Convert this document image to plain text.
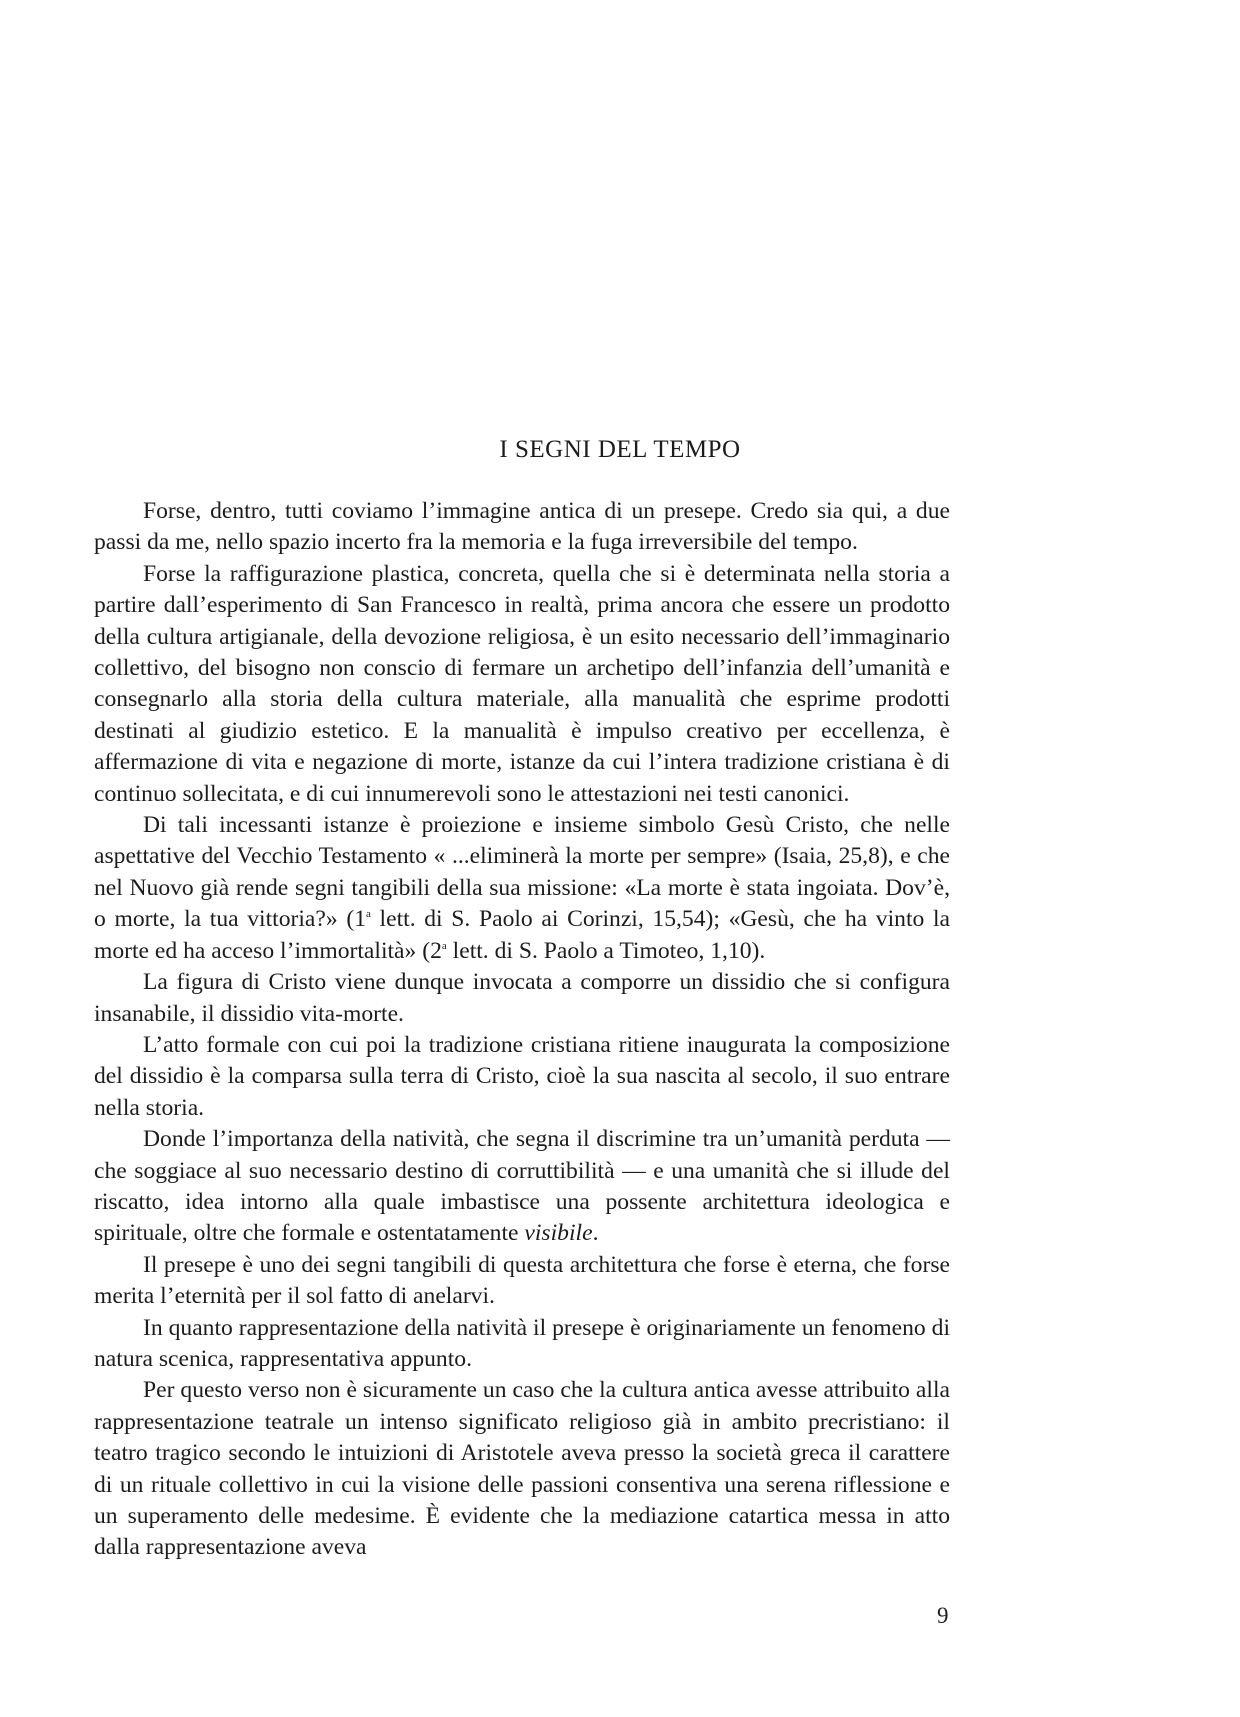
I SEGNI DEL TEMPO

Forse, dentro, tutti coviamo l’immagine antica di un presepe. Credo sia qui, a due passi da me, nello spazio incerto fra la memoria e la fuga irreversibile del tempo.

Forse la raffigurazione plastica, concreta, quella che si è determinata nella storia a partire dall’esperimento di San Francesco in realtà, prima ancora che essere un prodotto della cultura artigianale, della devozione religiosa, è un esito necessario dell’immaginario collettivo, del bisogno non conscio di fermare un archetipo dell’infanzia dell’umanità e consegnarlo alla storia della cultura materiale, alla manualità che esprime prodotti destinati al giudizio estetico. E la manualità è impulso creativo per eccellenza, è affermazione di vita e negazione di morte, istanze da cui l’intera tradizione cristiana è di continuo sollecitata, e di cui innumerevoli sono le attestazioni nei testi canonici.

Di tali incessanti istanze è proiezione e insieme simbolo Gesù Cristo, che nelle aspettative del Vecchio Testamento « ...eliminerà la morte per sempre» (Isaia, 25,8), e che nel Nuovo già rende segni tangibili della sua missione: «La morte è stata ingoiata. Dov’è, o morte, la tua vittoria?» (1$^a$ lett. di S. Paolo ai Corinzi, 15,54); «Gesù, che ha vinto la morte ed ha acceso l’immortalità» (2$^a$ lett. di S. Paolo a Timoteo, 1,10).

La figura di Cristo viene dunque invocata a comporre un dissidio che si configura insanabile, il dissidio vita-morte.

L’atto formale con cui poi la tradizione cristiana ritiene inaugurata la composizione del dissidio è la comparsa sulla terra di Cristo, cioè la sua nascita al secolo, il suo entrare nella storia.

Donde l’importanza della natività, che segna il discrimine tra un’umanità perduta — che soggiace al suo necessario destino di corruttibilità — e una umanità che si illude del riscatto, idea intorno alla quale imbastisce una possente architettura ideologica e spirituale, oltre che formale e ostentatamente visibile.

Il presepe è uno dei segni tangibili di questa architettura che forse è eterna, che forse merita l’eternità per il sol fatto di anelarvi.

In quanto rappresentazione della natività il presepe è originariamente un fenomeno di natura scenica, rappresentativa appunto.

Per questo verso non è sicuramente un caso che la cultura antica avesse attribuito alla rappresentazione teatrale un intenso significato religioso già in ambito precristiano: il teatro tragico secondo le intuizioni di Aristotele aveva presso la società greca il carattere di un rituale collettivo in cui la visione delle passioni consentiva una serena riflessione e un superamento delle medesime. È evidente che la mediazione catartica messa in atto dalla rappresentazione aveva

9
